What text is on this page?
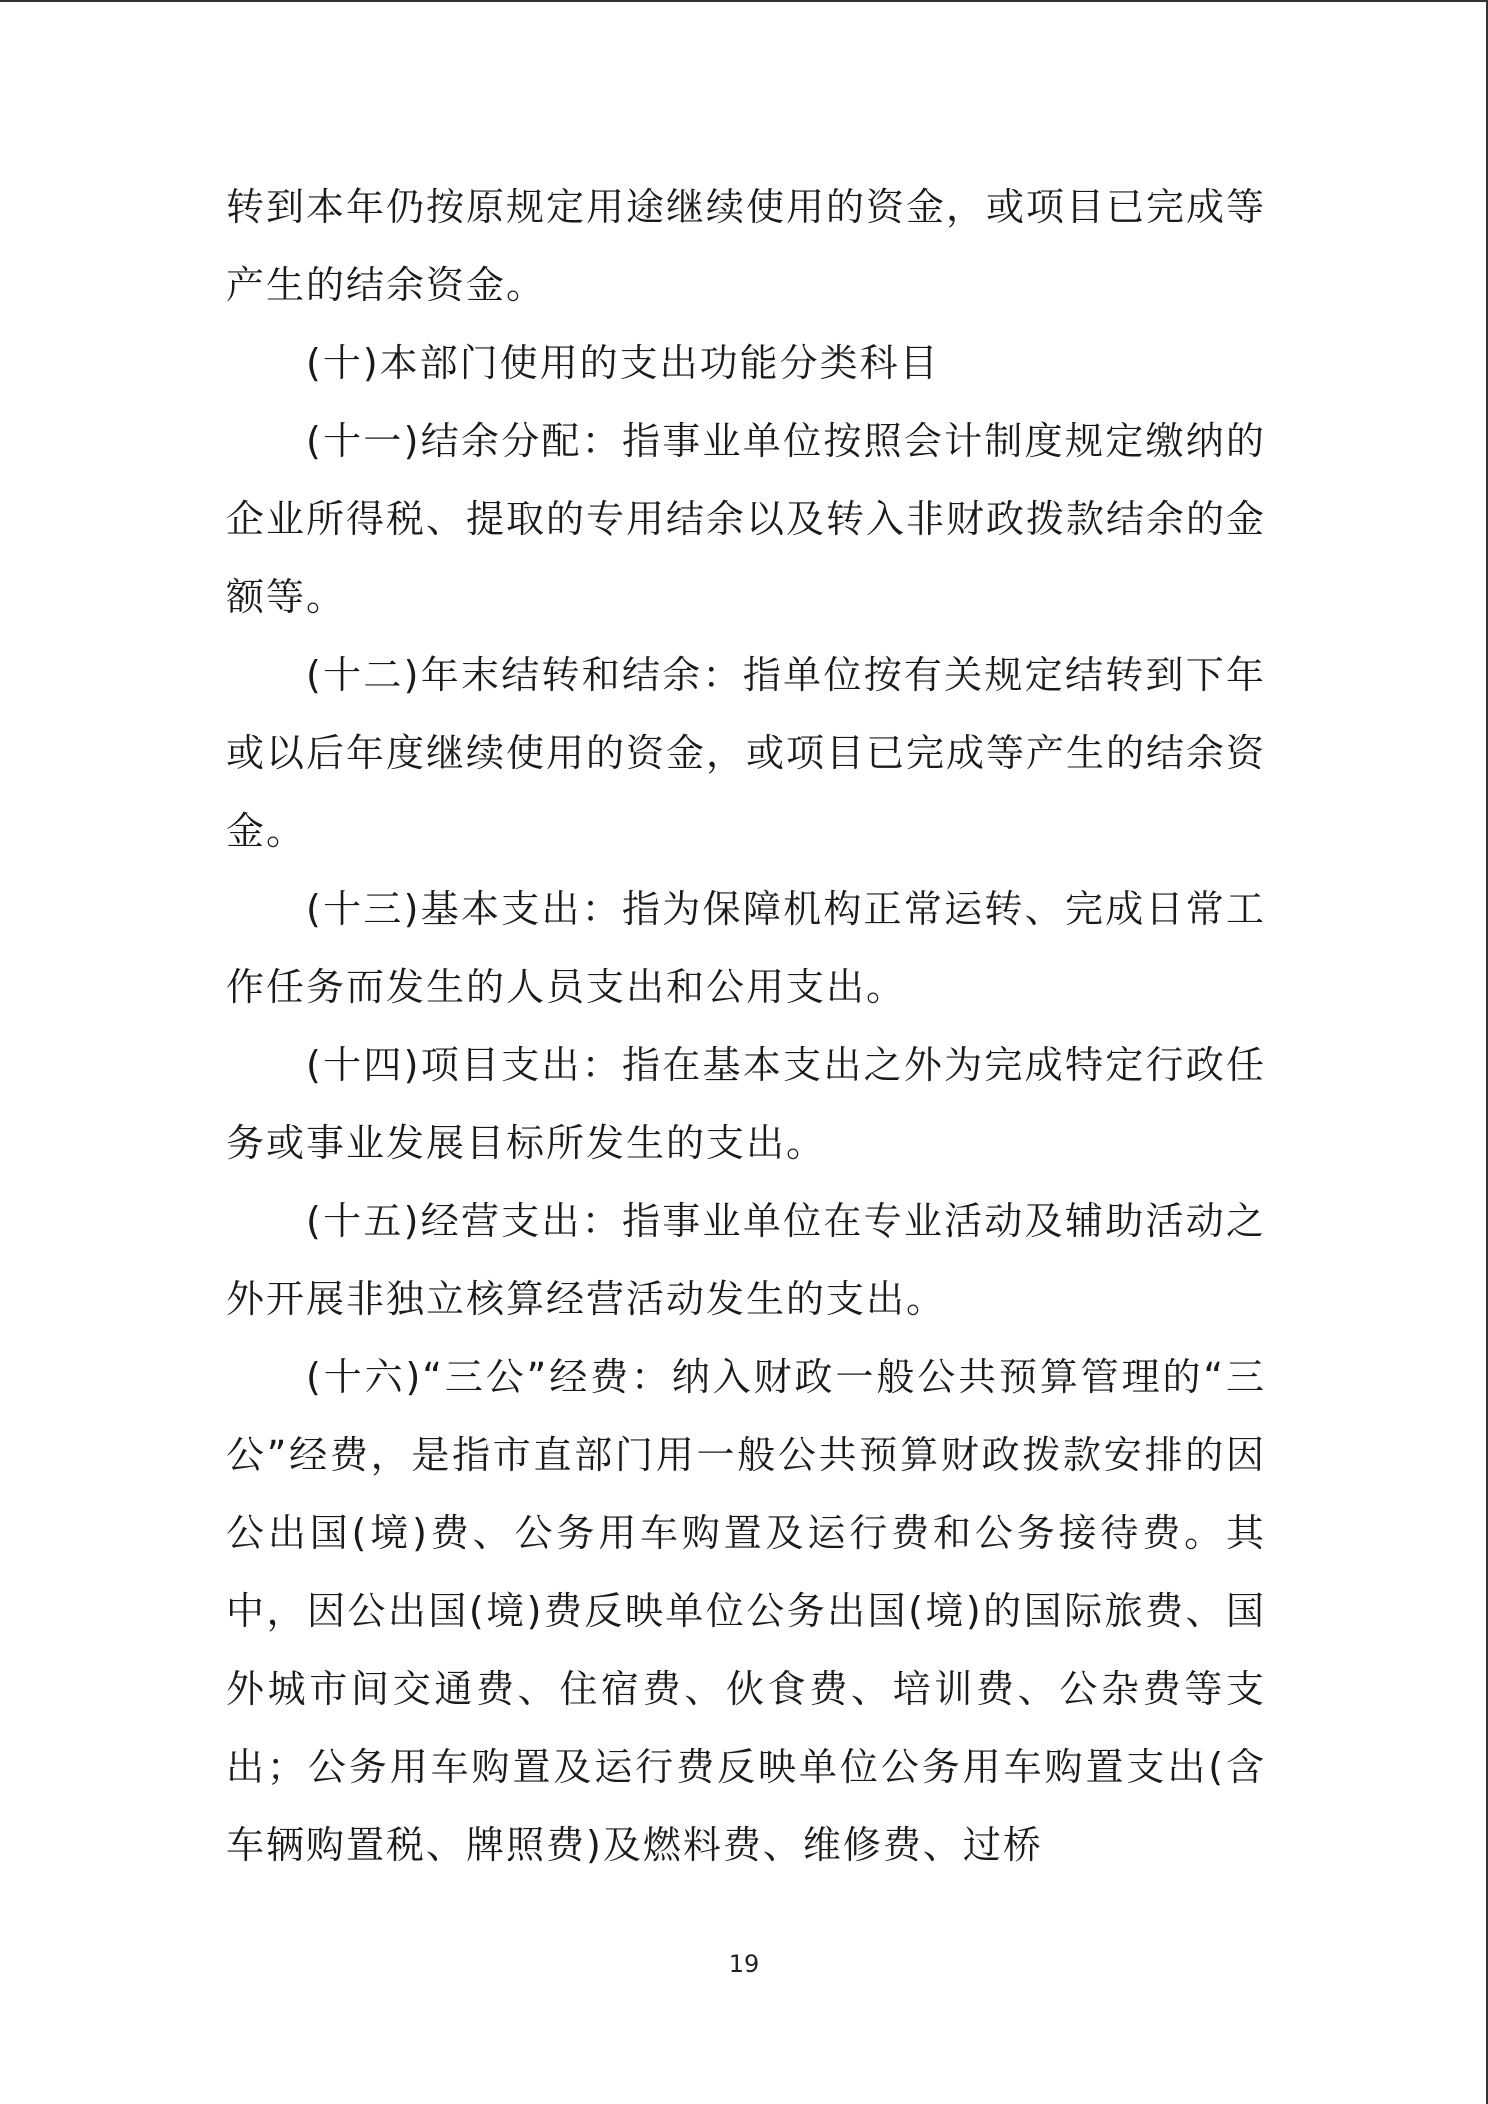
转到本年仍按原规定用途继续使用的资金，或项目已完成等产生的结余资金。

(十)本部门使用的支出功能分类科目

(十一)结余分配：指事业单位按照会计制度规定缴纳的企业所得税、提取的专用结余以及转入非财政拨款结余的金额等。

(十二)年末结转和结余：指单位按有关规定结转到下年或以后年度继续使用的资金，或项目已完成等产生的结余资金。

(十三)基本支出：指为保障机构正常运转、完成日常工作任务而发生的人员支出和公用支出。

(十四)项目支出：指在基本支出之外为完成特定行政任务或事业发展目标所发生的支出。

(十五)经营支出：指事业单位在专业活动及辅助活动之外开展非独立核算经营活动发生的支出。

(十六)“三公”经费：纳入财政一般公共预算管理的“三公”经费，是指市直部门用一般公共预算财政拨款安排的因公出国(境)费、公务用车购置及运行费和公务接待费。其中，因公出国(境)费反映单位公务出国(境)的国际旅费、国外城市间交通费、住宿费、伙食费、培训费、公杂费等支出；公务用车购置及运行费反映单位公务用车购置支出(含车辆购置税、牌照费)及燃料费、维修费、过桥

19
